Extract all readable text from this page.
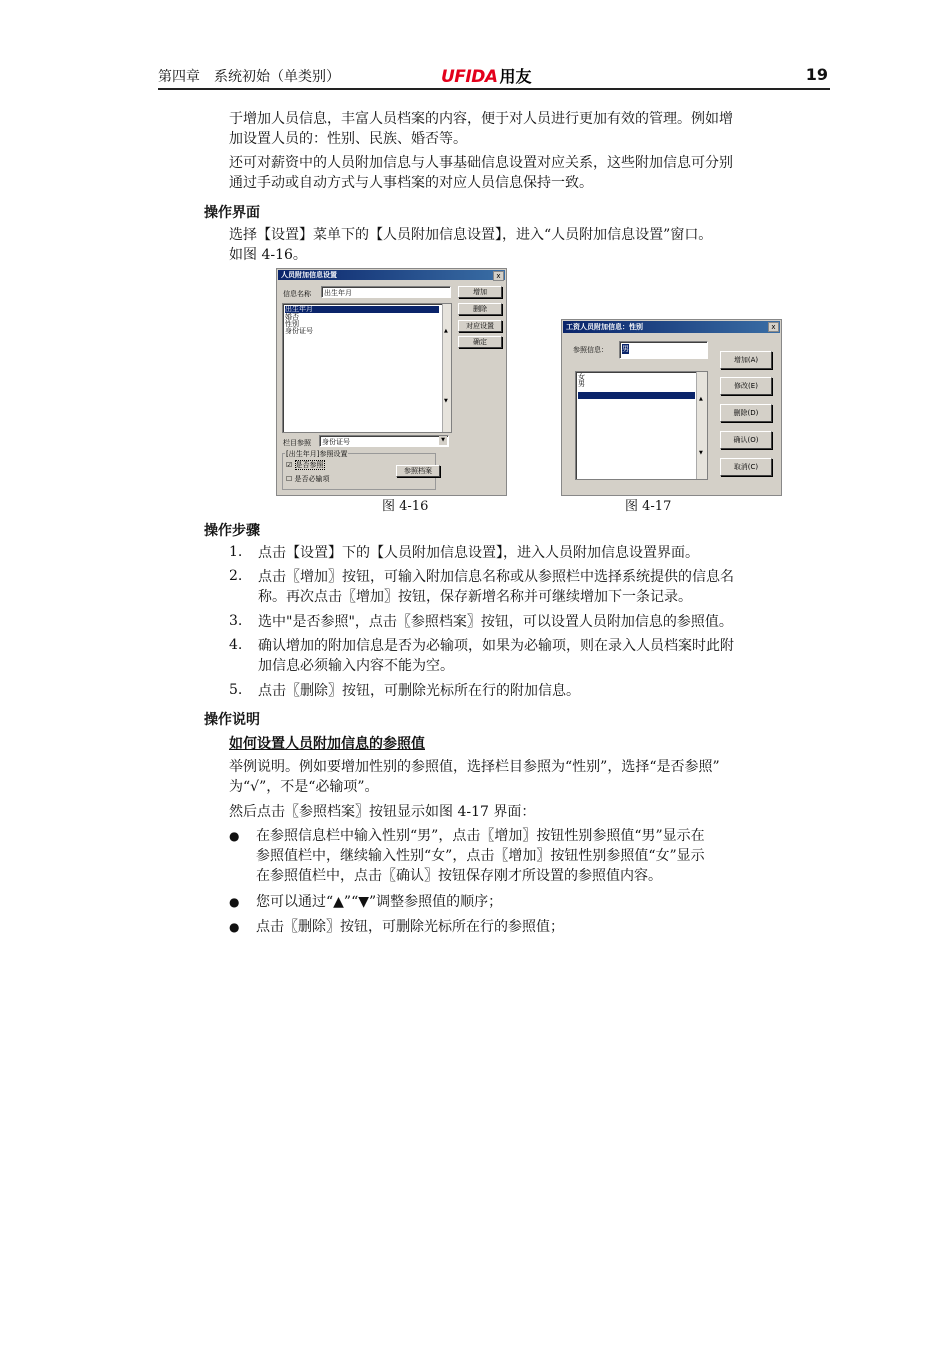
第四章　系统初始（单类别）	UFIDA 用友	19
于增加人员信息，丰富人员档案的内容，便于对人员进行更加有效的管理。例如增
加设置人员的：性别、民族、婚否等。
还可对薪资中的人员附加信息与人事基础信息设置对应关系，这些附加信息可分别
通过手动或自动方式与人事档案的对应人员信息保持一致。
操作界面
选择【设置】菜单下的【人员附加信息设置】，进入“人员附加信息设置”窗口。
如图 4-16。
人员附加信息设置	x
信息名称 出生年月	增加
删除
对应设置
确定
出生年月
婚否
性别
身份证号	▲
▼
栏目参照 身份证号	▼
[出生年月]参照设置
☑ 是否参照
☐ 是否必输项
参照档案
图 4-16
工资人员附加信息：性别	x
参照信息： 男
女
男
▲
▼
增加(A)
修改(E)
删除(D)
确认(O)
取消(C)
图 4-17
操作步骤
1. 点击【设置】下的【人员附加信息设置】，进入人员附加信息设置界面。
2. 点击〖增加〗按钮，可输入附加信息名称或从参照栏中选择系统提供的信息名
称。再次点击〖增加〗按钮，保存新增名称并可继续增加下一条记录。
3. 选中"是否参照"，点击〖参照档案〗按钮，可以设置人员附加信息的参照值。
4. 确认增加的附加信息是否为必输项，如果为必输项，则在录入人员档案时此附
加信息必须输入内容不能为空。
5. 点击〖删除〗按钮，可删除光标所在行的附加信息。
操作说明
如何设置人员附加信息的参照值
举例说明。例如要增加性别的参照值，选择栏目参照为“性别”，选择“是否参照”
为“√”，不是“必输项”。
然后点击〖参照档案〗按钮显示如图 4-17 界面：
● 在参照信息栏中输入性别“男”，点击〖增加〗按钮性别参照值“男”显示在
参照值栏中，继续输入性别“女”，点击〖增加〗按钮性别参照值“女”显示
在参照值栏中，点击〖确认〗按钮保存刚才所设置的参照值内容。
● 您可以通过“▲”“▼”调整参照值的顺序；
● 点击〖删除〗按钮，可删除光标所在行的参照值；
